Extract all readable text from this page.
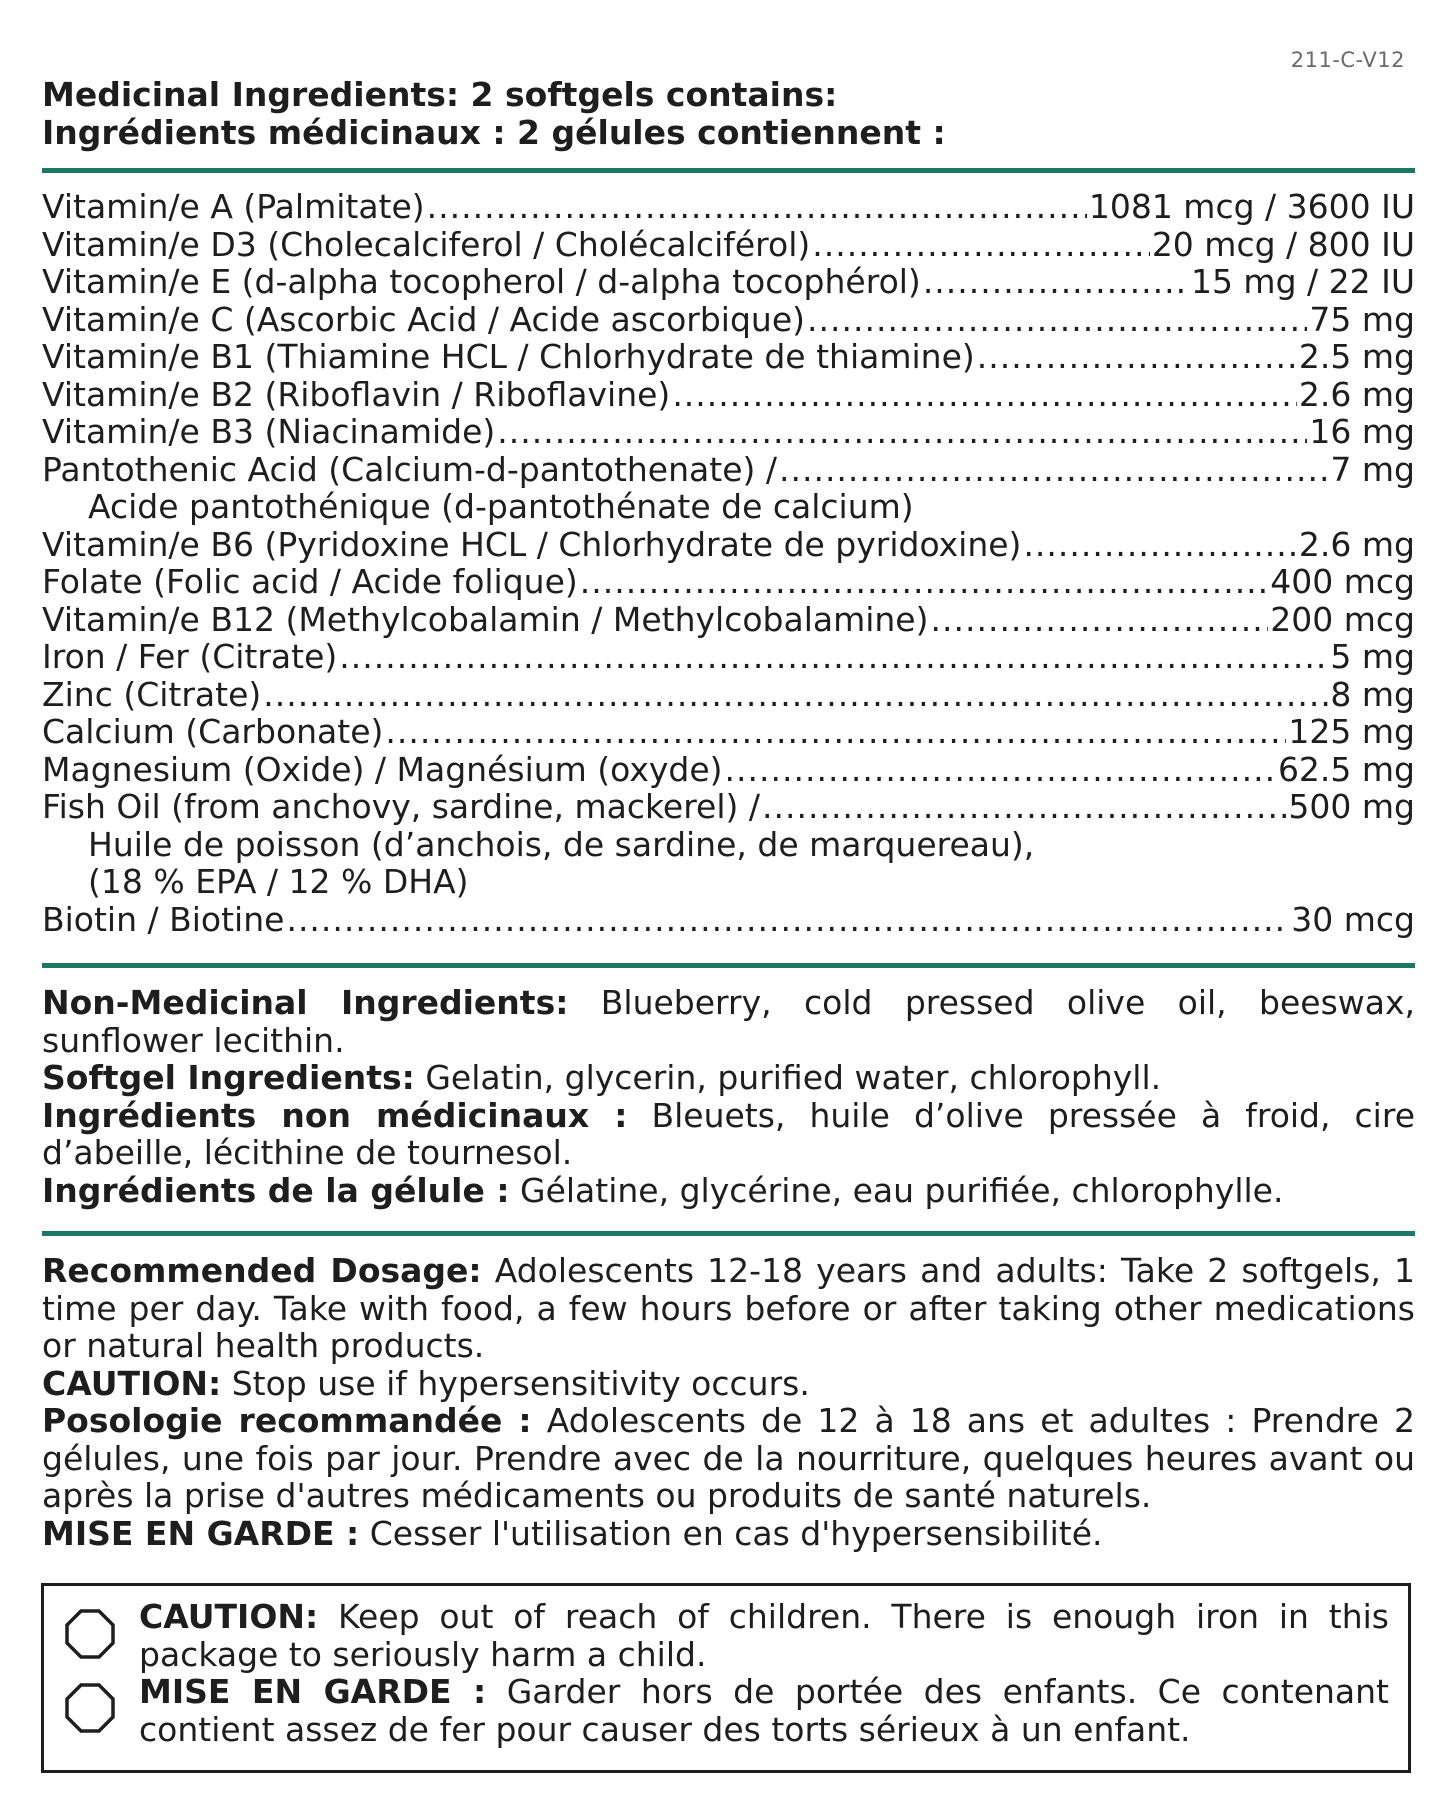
211-C-V12
Medicinal Ingredients: 2 softgels contains:
Ingrédients médicinaux : 2 gélules contiennent :
Vitamin/e A (Palmitate) .....	1081 mcg / 3600 IU
Vitamin/e D3 (Cholecalciferol / Cholécalciférol) .....	20 mcg / 800 IU
Vitamin/e E (d-alpha tocopherol / d-alpha tocophérol) .....	15 mg / 22 IU
Vitamin/e C (Ascorbic Acid / Acide ascorbique) .....	75 mg
Vitamin/e B1 (Thiamine HCL / Chlorhydrate de thiamine) .....	2.5 mg
Vitamin/e B2 (Riboflavin / Riboflavine) .....	2.6 mg
Vitamin/e B3 (Niacinamide) .....	16 mg
Pantothenic Acid (Calcium-d-pantothenate) / .....	7 mg
Acide pantothénique (d-pantothénate de calcium)
Vitamin/e B6 (Pyridoxine HCL / Chlorhydrate de pyridoxine) .....	2.6 mg
Folate (Folic acid / Acide folique) .....	400 mcg
Vitamin/e B12 (Methylcobalamin / Methylcobalamine) .....	200 mcg
Iron / Fer (Citrate) .....	5 mg
Zinc (Citrate) .....	8 mg
Calcium (Carbonate) .....	125 mg
Magnesium (Oxide) / Magnésium (oxyde) .....	62.5 mg
Fish Oil (from anchovy, sardine, mackerel) / .....	500 mg
Huile de poisson (d’anchois, de sardine, de marquereau),
(18 % EPA / 12 % DHA)
Biotin / Biotine .....	30 mcg
Non-Medicinal Ingredients: Blueberry, cold pressed olive oil, beeswax, sunflower lecithin.
Softgel Ingredients: Gelatin, glycerin, purified water, chlorophyll.
Ingrédients non médicinaux : Bleuets, huile d’olive pressée à froid, cire d’abeille, lécithine de tournesol.
Ingrédients de la gélule : Gélatine, glycérine, eau purifiée, chlorophylle.
Recommended Dosage: Adolescents 12-18 years and adults: Take 2 softgels, 1 time per day. Take with food, a few hours before or after taking other medications or natural health products.
CAUTION: Stop use if hypersensitivity occurs.
Posologie recommandée : Adolescents de 12 à 18 ans et adultes : Prendre 2 gélules, une fois par jour. Prendre avec de la nourriture, quelques heures avant ou après la prise d'autres médicaments ou produits de santé naturels.
MISE EN GARDE : Cesser l'utilisation en cas d'hypersensibilité.
CAUTION: Keep out of reach of children. There is enough iron in this package to seriously harm a child.
MISE EN GARDE : Garder hors de portée des enfants. Ce contenant contient assez de fer pour causer des torts sérieux à un enfant.
